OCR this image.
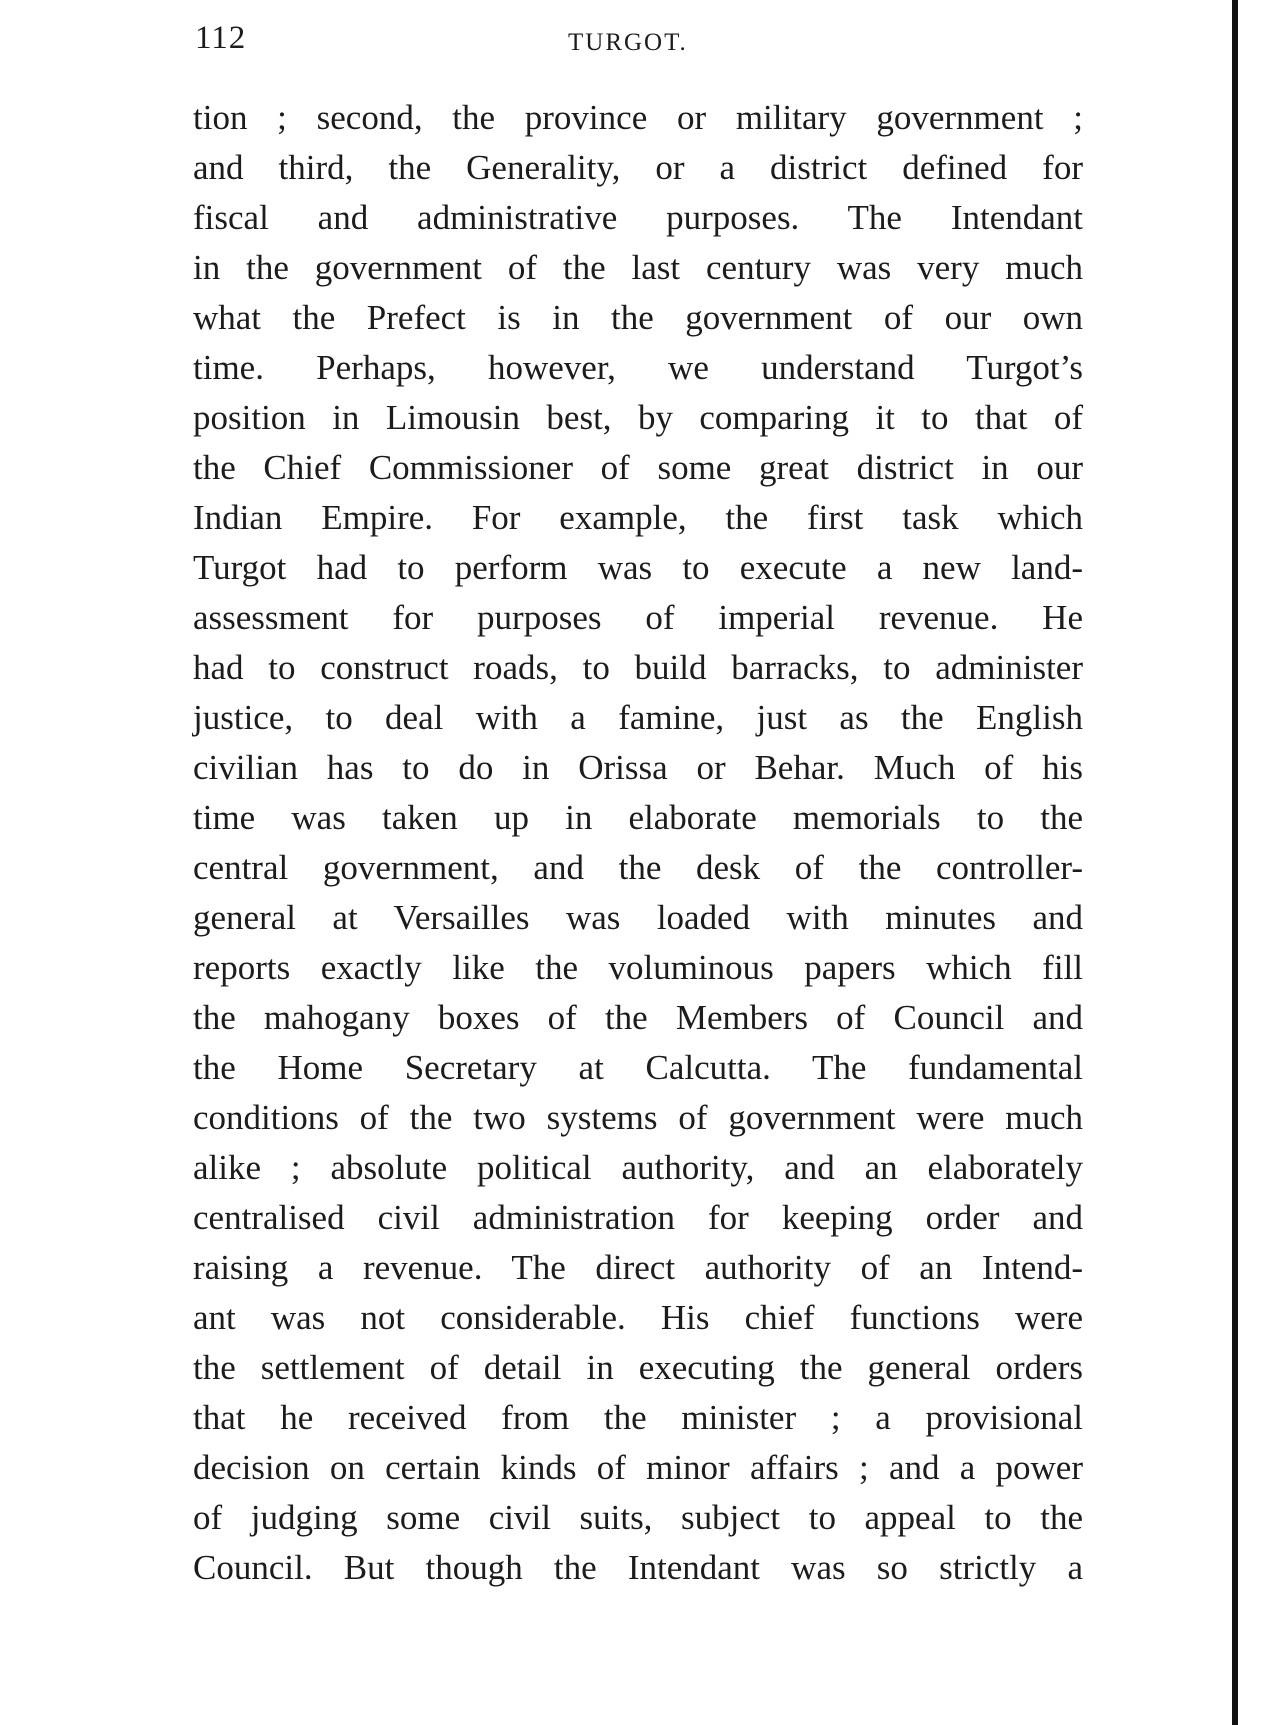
112	TURGOT.
tion ; second, the province or military government ;
and third, the Generality, or a district defined for
fiscal and administrative purposes. The Intendant
in the government of the last century was very much
what the Prefect is in the government of our own
time. Perhaps, however, we understand Turgot’s
position in Limousin best, by comparing it to that of
the Chief Commissioner of some great district in our
Indian Empire. For example, the first task which
Turgot had to perform was to execute a new land-
assessment for purposes of imperial revenue. He
had to construct roads, to build barracks, to administer
justice, to deal with a famine, just as the English
civilian has to do in Orissa or Behar. Much of his
time was taken up in elaborate memorials to the
central government, and the desk of the controller-
general at Versailles was loaded with minutes and
reports exactly like the voluminous papers which fill
the mahogany boxes of the Members of Council and
the Home Secretary at Calcutta. The fundamental
conditions of the two systems of government were much
alike ; absolute political authority, and an elaborately
centralised civil administration for keeping order and
raising a revenue. The direct authority of an Intend-
ant was not considerable. His chief functions were
the settlement of detail in executing the general orders
that he received from the minister ; a provisional
decision on certain kinds of minor affairs ; and a power
of judging some civil suits, subject to appeal to the
Council. But though the Intendant was so strictly a
